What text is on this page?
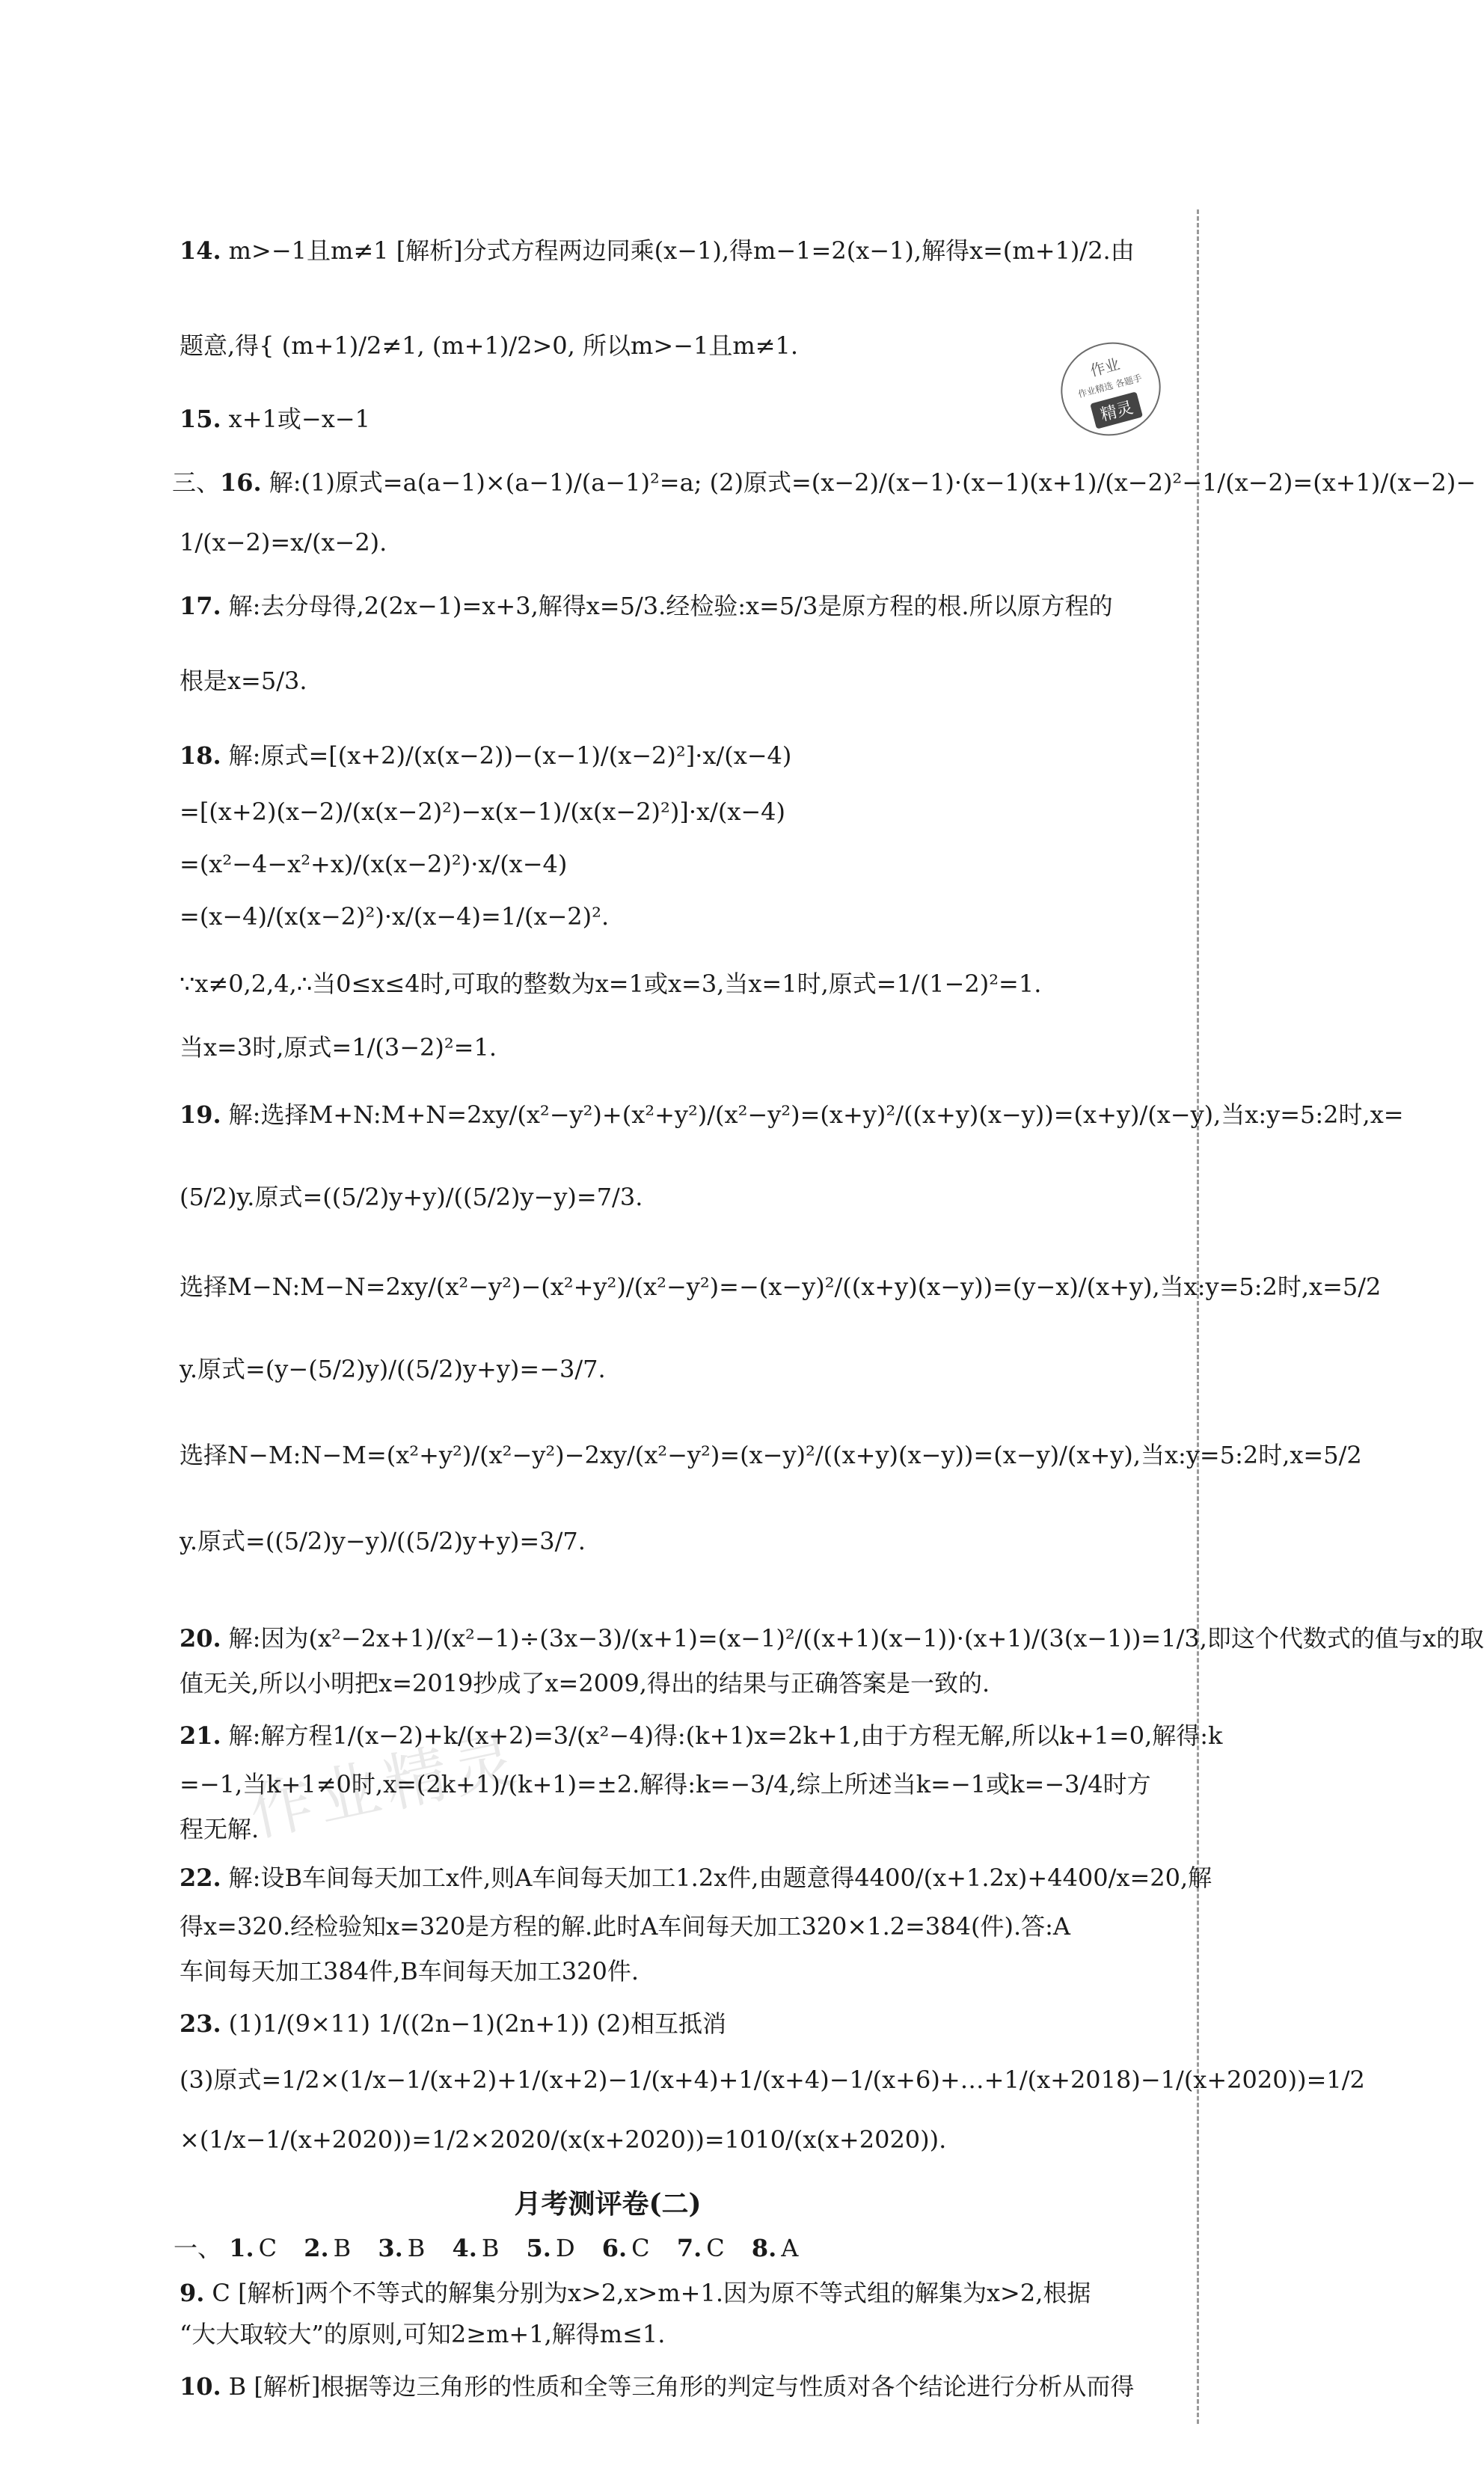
作业
作业精选 各题手
精灵
作业精灵
14. m>−1且m≠1 [解析]分式方程两边同乘(x−1),得m−1=2(x−1),解得x=(m+1)/2.由
题意,得{ (m+1)/2≠1, (m+1)/2>0, 所以m>−1且m≠1.
15. x+1或−x−1
三、16. 解:(1)原式=a(a−1)×(a−1)/(a−1)²=a; (2)原式=(x−2)/(x−1)·(x−1)(x+1)/(x−2)²−1/(x−2)=(x+1)/(x−2)−
1/(x−2)=x/(x−2).
17. 解:去分母得,2(2x−1)=x+3,解得x=5/3.经检验:x=5/3是原方程的根.所以原方程的
根是x=5/3.
18. 解:原式=[(x+2)/(x(x−2))−(x−1)/(x−2)²]·x/(x−4)
=[(x+2)(x−2)/(x(x−2)²)−x(x−1)/(x(x−2)²)]·x/(x−4)
=(x²−4−x²+x)/(x(x−2)²)·x/(x−4)
=(x−4)/(x(x−2)²)·x/(x−4)=1/(x−2)².
∵x≠0,2,4,∴当0≤x≤4时,可取的整数为x=1或x=3,当x=1时,原式=1/(1−2)²=1.
当x=3时,原式=1/(3−2)²=1.
19. 解:选择M+N:M+N=2xy/(x²−y²)+(x²+y²)/(x²−y²)=(x+y)²/((x+y)(x−y))=(x+y)/(x−y),当x:y=5:2时,x=
(5/2)y.原式=((5/2)y+y)/((5/2)y−y)=7/3.
选择M−N:M−N=2xy/(x²−y²)−(x²+y²)/(x²−y²)=−(x−y)²/((x+y)(x−y))=(y−x)/(x+y),当x:y=5:2时,x=5/2
y.原式=(y−(5/2)y)/((5/2)y+y)=−3/7.
选择N−M:N−M=(x²+y²)/(x²−y²)−2xy/(x²−y²)=(x−y)²/((x+y)(x−y))=(x−y)/(x+y),当x:y=5:2时,x=5/2
y.原式=((5/2)y−y)/((5/2)y+y)=3/7.
20. 解:因为(x²−2x+1)/(x²−1)÷(3x−3)/(x+1)=(x−1)²/((x+1)(x−1))·(x+1)/(3(x−1))=1/3,即这个代数式的值与x的取
值无关,所以小明把x=2019抄成了x=2009,得出的结果与正确答案是一致的.
21. 解:解方程1/(x−2)+k/(x+2)=3/(x²−4)得:(k+1)x=2k+1,由于方程无解,所以k+1=0,解得:k
=−1,当k+1≠0时,x=(2k+1)/(k+1)=±2.解得:k=−3/4,综上所述当k=−1或k=−3/4时方
程无解.
22. 解:设B车间每天加工x件,则A车间每天加工1.2x件,由题意得4400/(x+1.2x)+4400/x=20,解
得x=320.经检验知x=320是方程的解.此时A车间每天加工320×1.2=384(件).答:A
车间每天加工384件,B车间每天加工320件.
23. (1)1/(9×11) 1/((2n−1)(2n+1)) (2)相互抵消
(3)原式=1/2×(1/x−1/(x+2)+1/(x+2)−1/(x+4)+1/(x+4)−1/(x+6)+…+1/(x+2018)−1/(x+2020))=1/2
×(1/x−1/(x+2020))=1/2×2020/(x(x+2020))=1010/(x(x+2020)).
月考测评卷(二)
一、 1. C 2. B 3. B 4. B 5. D 6. C 7. C 8. A
9. C [解析]两个不等式的解集分别为x>2,x>m+1.因为原不等式组的解集为x>2,根据
“大大取较大”的原则,可知2≥m+1,解得m≤1.
10. B [解析]根据等边三角形的性质和全等三角形的判定与性质对各个结论进行分析从而得
